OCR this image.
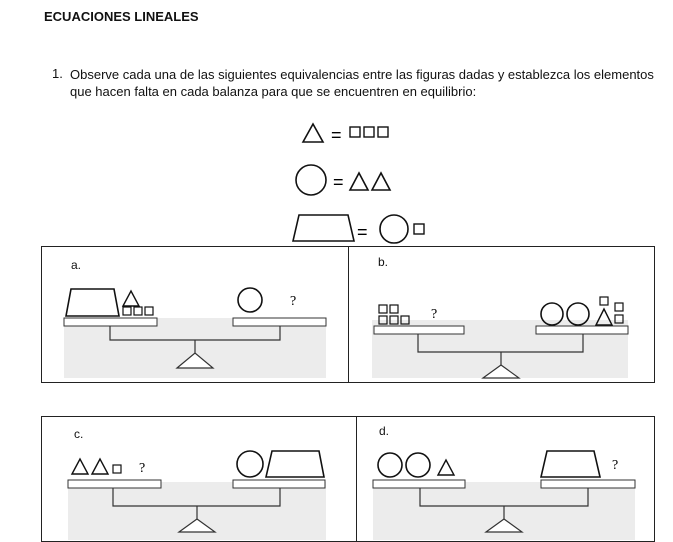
ECUACIONES LINEALES
1. Observe cada una de las siguientes equivalencias entre las figuras dadas y establezca los elementos que hacen falta en cada balanza para que se encuentren en equilibrio:
=
=
=
a.	b.
?
?
c.	d.
?	?
